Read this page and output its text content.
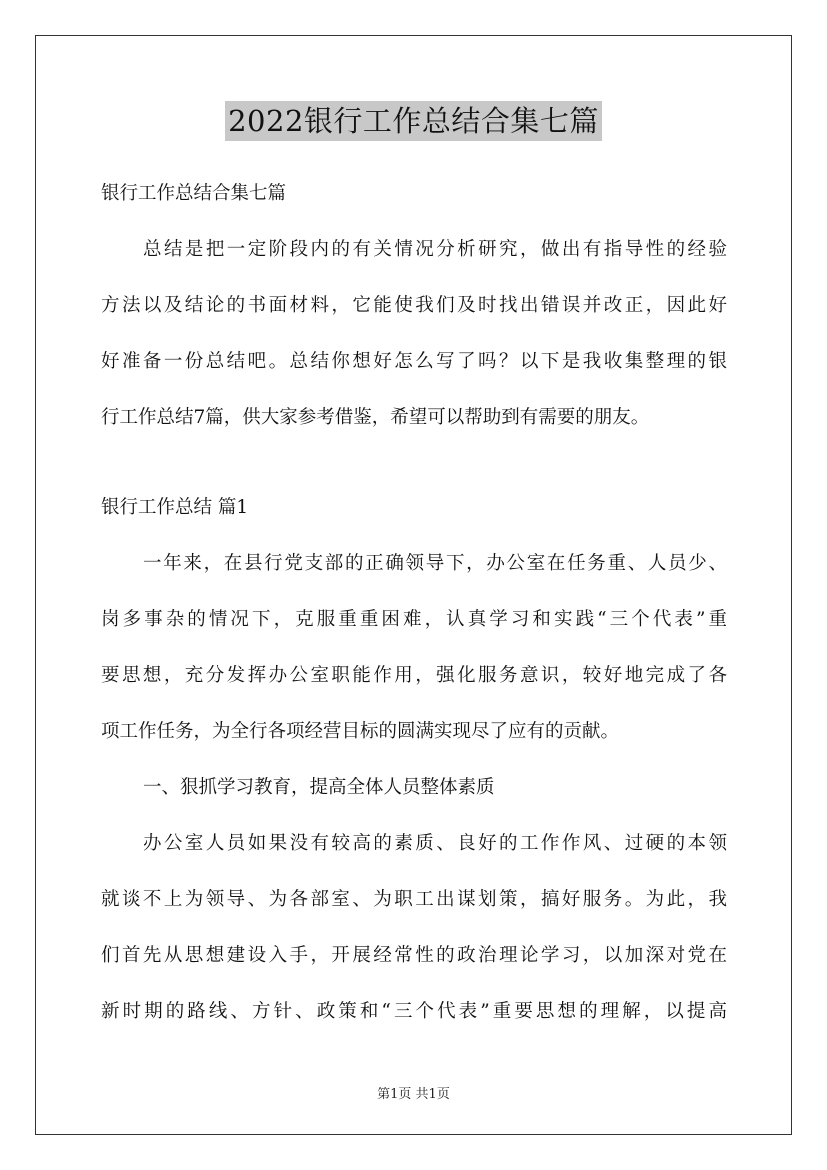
2022银行工作总结合集七篇
银行工作总结合集七篇
总结是把一定阶段内的有关情况分析研究，做出有指导性的经验
方法以及结论的书面材料，它能使我们及时找出错误并改正，因此好
好准备一份总结吧。总结你想好怎么写了吗？以下是我收集整理的银
行工作总结7篇，供大家参考借鉴，希望可以帮助到有需要的朋友。
银行工作总结 篇1
一年来，在县行党支部的正确领导下，办公室在任务重、人员少、
岗多事杂的情况下，克服重重困难，认真学习和实践“三个代表”重
要思想，充分发挥办公室职能作用，强化服务意识，较好地完成了各
项工作任务，为全行各项经营目标的圆满实现尽了应有的贡献。
一、狠抓学习教育，提高全体人员整体素质
办公室人员如果没有较高的素质、良好的工作作风、过硬的本领
就谈不上为领导、为各部室、为职工出谋划策，搞好服务。为此，我
们首先从思想建设入手，开展经常性的政治理论学习，以加深对党在
新时期的路线、方针、政策和“三个代表”重要思想的理解，以提高
第1页 共1页
